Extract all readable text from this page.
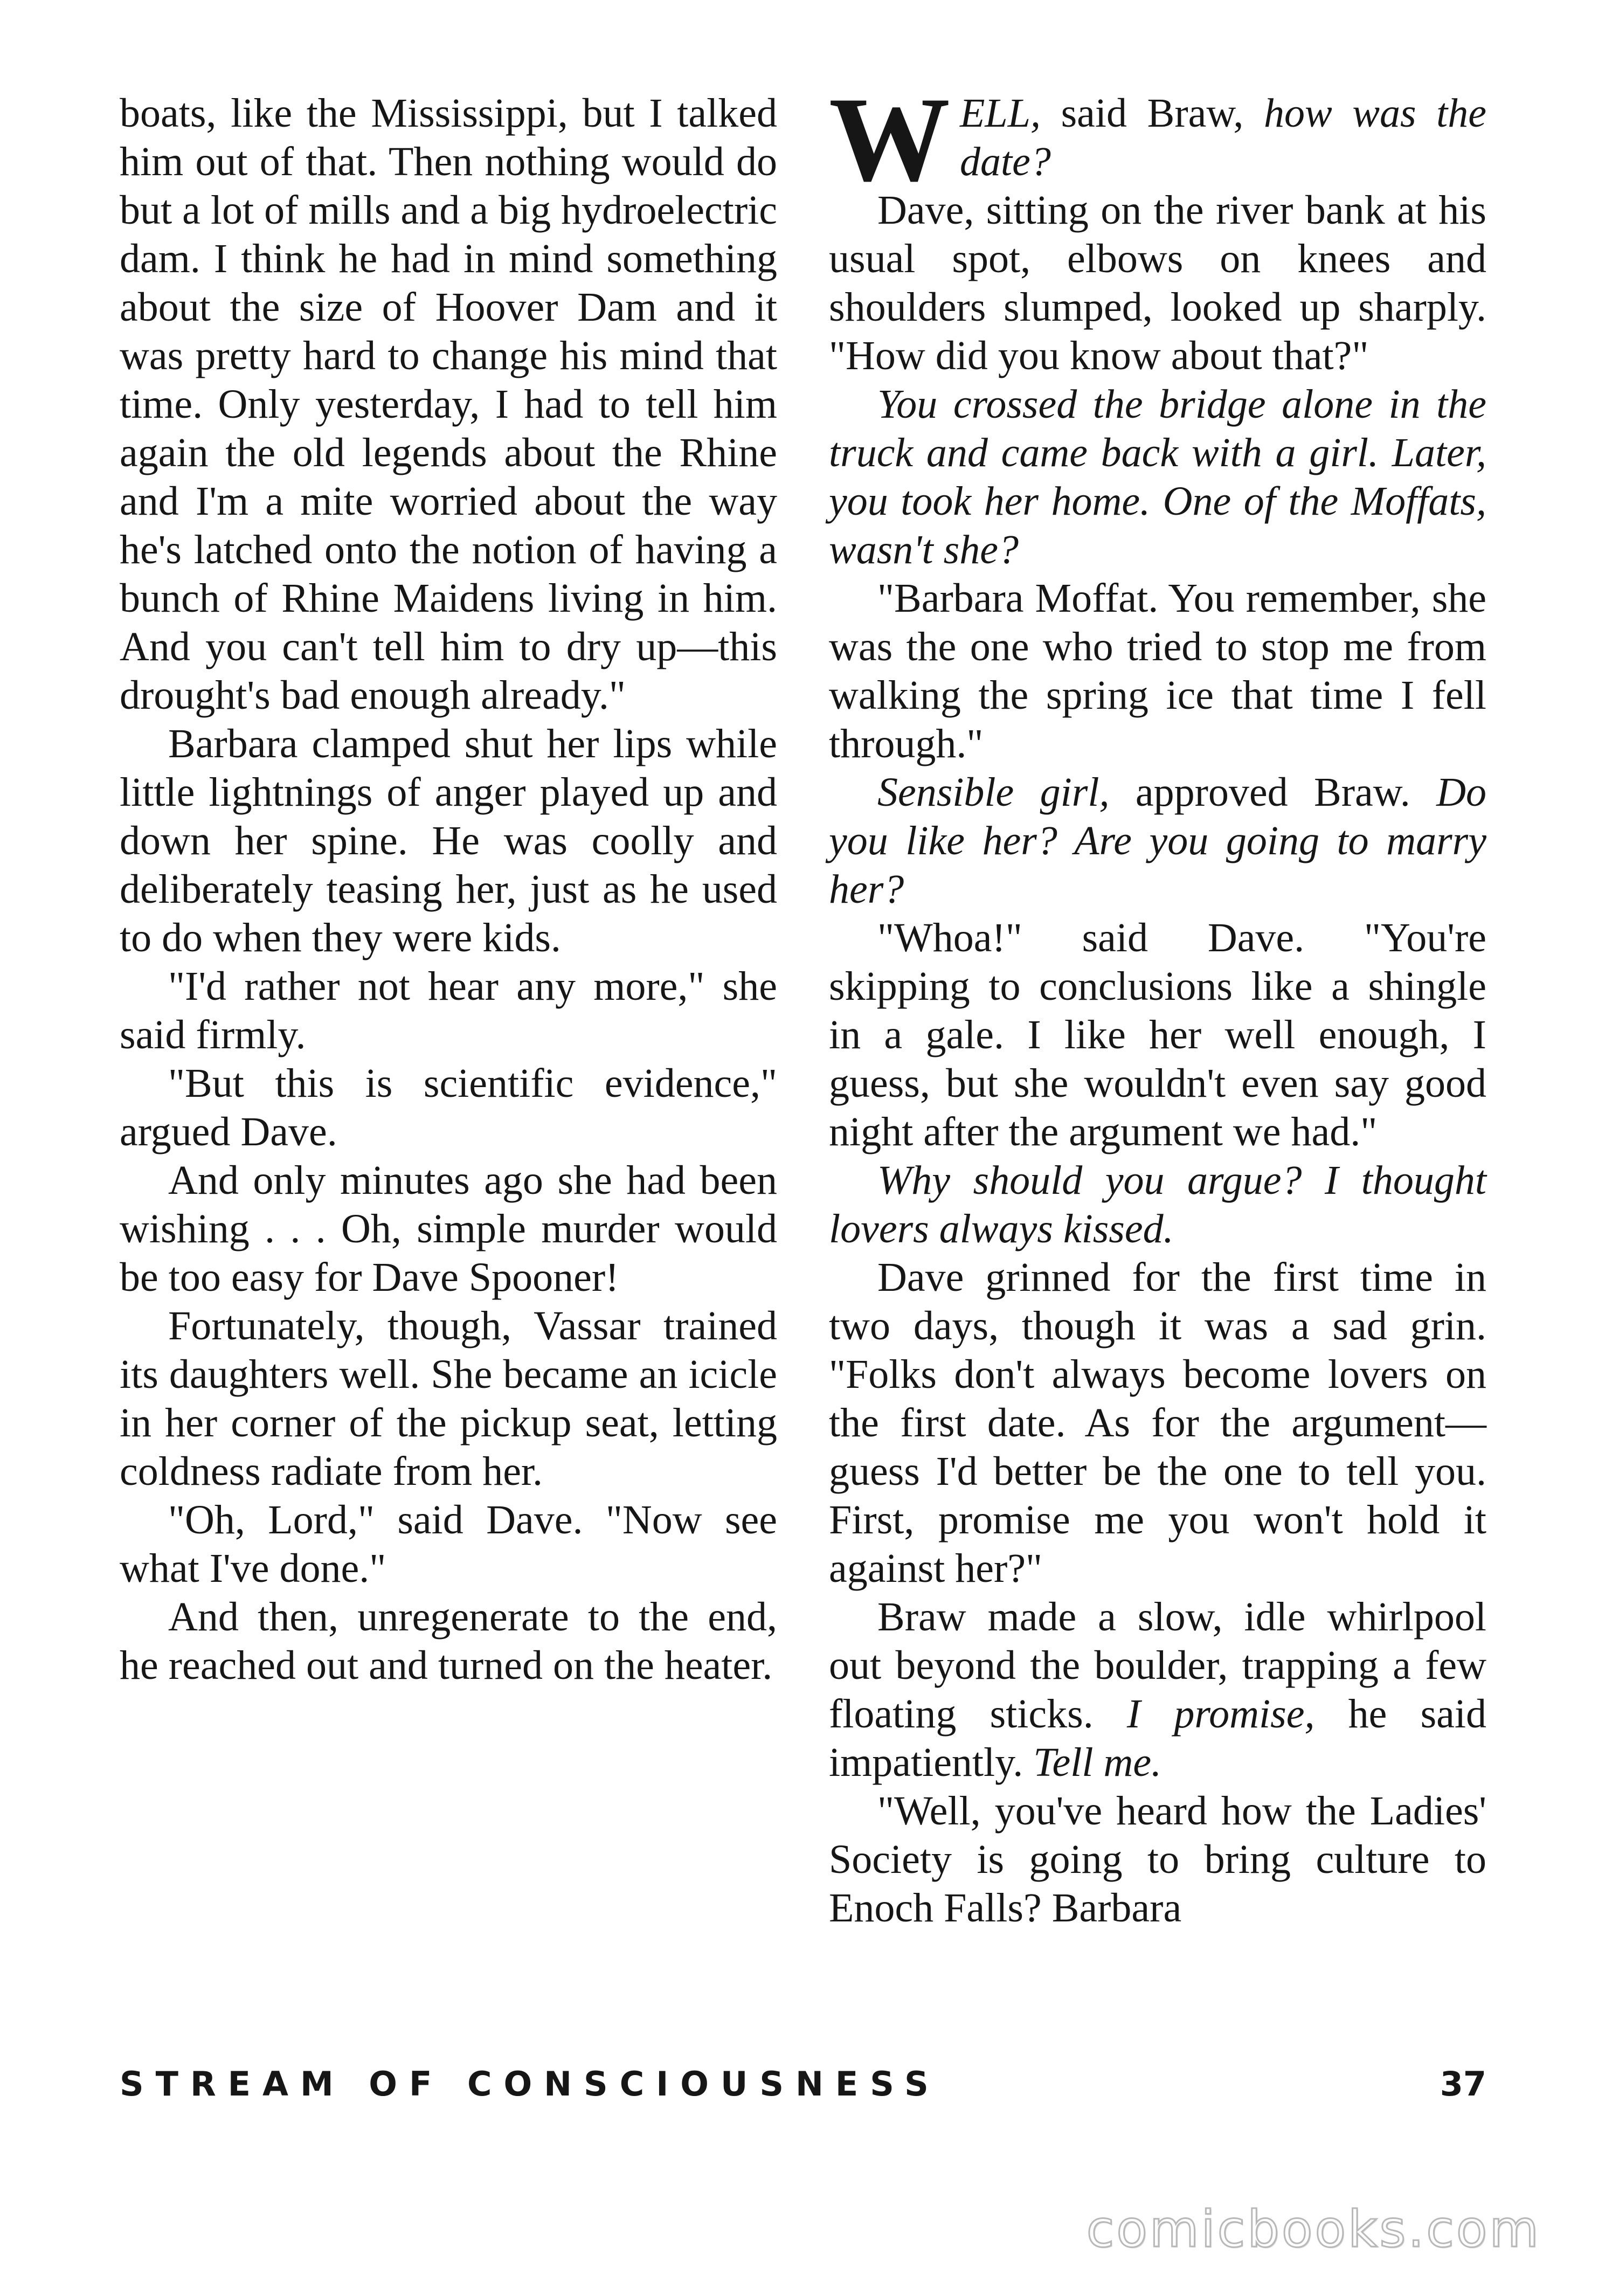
boats, like the Mississippi, but I talked him out of that. Then nothing would do but a lot of mills and a big hydroelectric dam. I think he had in mind something about the size of Hoover Dam and it was pretty hard to change his mind that time. Only yesterday, I had to tell him again the old legends about the Rhine and I'm a mite worried about the way he's latched onto the notion of having a bunch of Rhine Maidens living in him. And you can't tell him to dry up—this drought's bad enough already."

Barbara clamped shut her lips while little lightnings of anger played up and down her spine. He was coolly and deliberately teasing her, just as he used to do when they were kids.

"I'd rather not hear any more," she said firmly.

"But this is scientific evidence," argued Dave.

And only minutes ago she had been wishing . . . Oh, simple murder would be too easy for Dave Spooner!

Fortunately, though, Vassar trained its daughters well. She became an icicle in her corner of the pickup seat, letting coldness radiate from her.

"Oh, Lord," said Dave. "Now see what I've done."

And then, unregenerate to the end, he reached out and turned on the heater.

WELL, said Braw, how was the date?

Dave, sitting on the river bank at his usual spot, elbows on knees and shoulders slumped, looked up sharply. "How did you know about that?"

You crossed the bridge alone in the truck and came back with a girl. Later, you took her home. One of the Moffats, wasn't she?

"Barbara Moffat. You remember, she was the one who tried to stop me from walking the spring ice that time I fell through."

Sensible girl, approved Braw. Do you like her? Are you going to marry her?

"Whoa!" said Dave. "You're skipping to conclusions like a shingle in a gale. I like her well enough, I guess, but she wouldn't even say good night after the argument we had."

Why should you argue? I thought lovers always kissed.

Dave grinned for the first time in two days, though it was a sad grin. "Folks don't always become lovers on the first date. As for the argument—guess I'd better be the one to tell you. First, promise me you won't hold it against her?"

Braw made a slow, idle whirlpool out beyond the boulder, trapping a few floating sticks. I promise, he said impatiently. Tell me.

"Well, you've heard how the Ladies' Society is going to bring culture to Enoch Falls? Barbara

STREAM OF CONSCIOUSNESS	37
comicbooks.com
